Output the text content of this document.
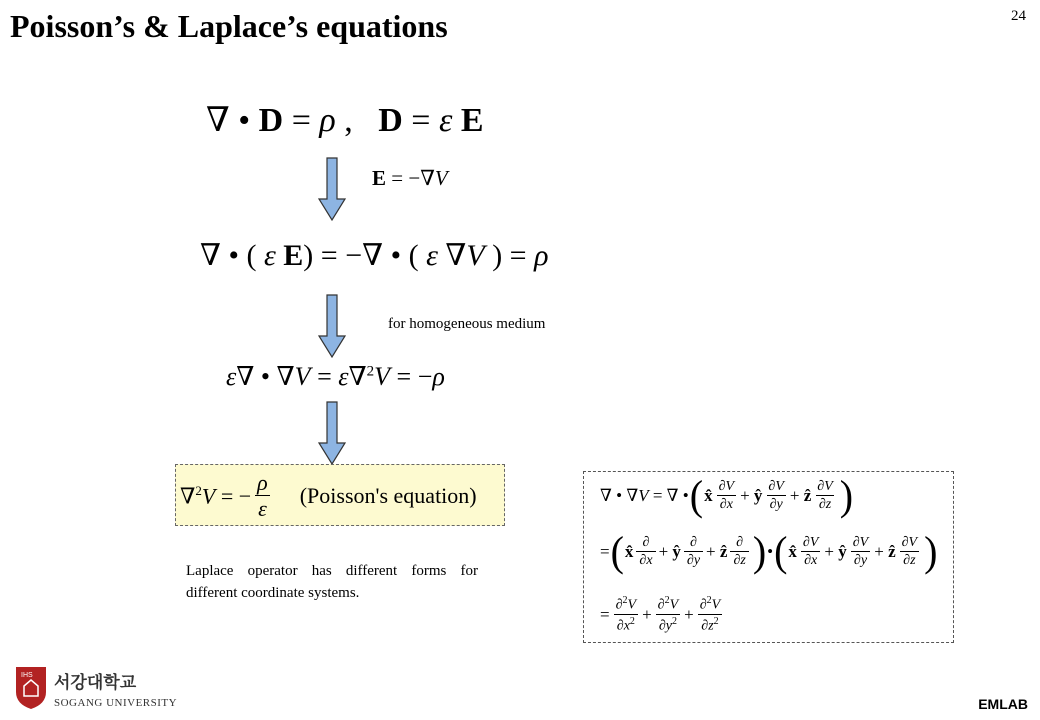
Poisson’s & Laplace’s equations	24
∇ • D = ρ ,   D = ε E
E = −∇V
∇ • ( ε E) = −∇ • ( ε ∇V ) = ρ
for homogeneous medium
ε∇ • ∇V = ε∇$^2$V = −ρ
∇$^2$V = − $\frac{\rho}{\varepsilon}$ (Poisson's equation)
Laplace operator has different forms for different coordinate systems.
∇ • ∇V = ∇ • ( x̂ $\frac{\partial V}{\partial x}$ + ŷ $\frac{\partial V}{\partial y}$ + ẑ $\frac{\partial V}{\partial z}$ )
= ( x̂ $\frac{\partial}{\partial x}$ + ŷ $\frac{\partial}{\partial y}$ + ẑ $\frac{\partial}{\partial z}$ ) • ( x̂ $\frac{\partial V}{\partial x}$ + ŷ $\frac{\partial V}{\partial y}$ + ẑ $\frac{\partial V}{\partial z}$ )
= $\frac{\partial^2V}{\partial x^2} + \frac{\partial^2V}{\partial y^2} + \frac{\partial^2V}{\partial z^2}$
IHS 서강대학교
SOGANG UNIVERSITY	EMLAB
